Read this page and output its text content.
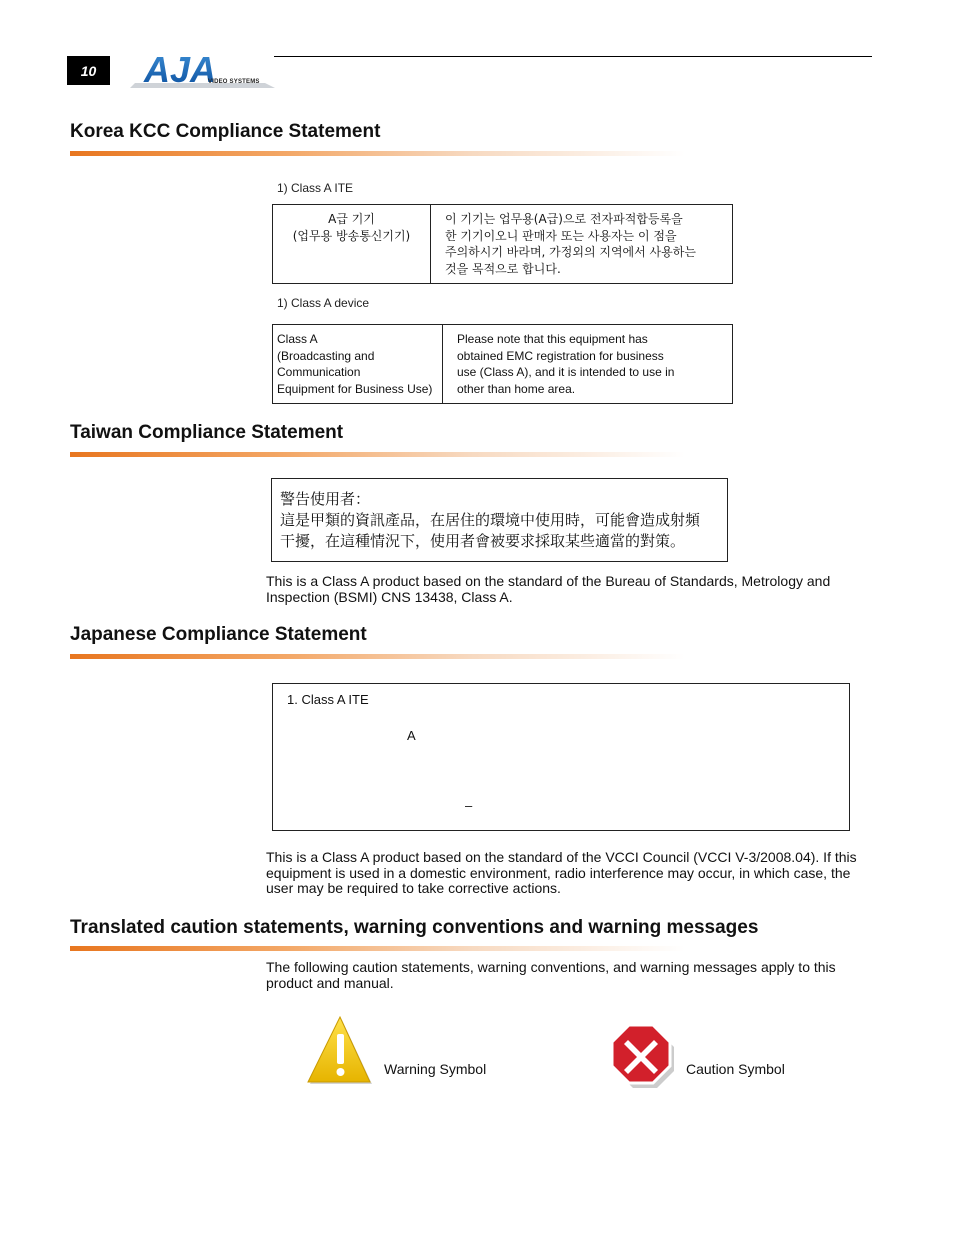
10	AJA
VIDEO SYSTEMS
Korea KCC Compliance Statement
1) Class A ITE
A급 기기
(업무용 방송통신기기)

이 기기는 업무용(A급)으로 전자파적합등록을
한 기기이오니 판매자 또는 사용자는 이 점을
주의하시기 바라며, 가정외의 지역에서 사용하는
것을 목적으로 합니다.
1) Class A device
Class A
(Broadcasting and
Communication
Equipment for Business Use)

Please note that this equipment has
obtained EMC registration for business
use (Class A), and it is intended to use in
other than home area.
Taiwan Compliance Statement
警告使用者：
這是甲類的資訊產品，在居住的環境中使用時，可能會造成射頻
干擾，在這種情況下，使用者會被要求採取某些適當的對策。
This is a Class A product based on the standard of the Bureau of Standards, Metrology and Inspection (BSMI) CNS 13438, Class A.
Japanese Compliance Statement
1. Class A ITE
A
–
This is a Class A product based on the standard of the VCCI Council (VCCI V-3/2008.04). If this equipment is used in a domestic environment, radio interference may occur, in which case, the user may be required to take corrective actions.
Translated caution statements, warning conventions and warning messages
The following caution statements, warning conventions, and warning messages apply to this product and manual.
Warning Symbol	Caution Symbol
